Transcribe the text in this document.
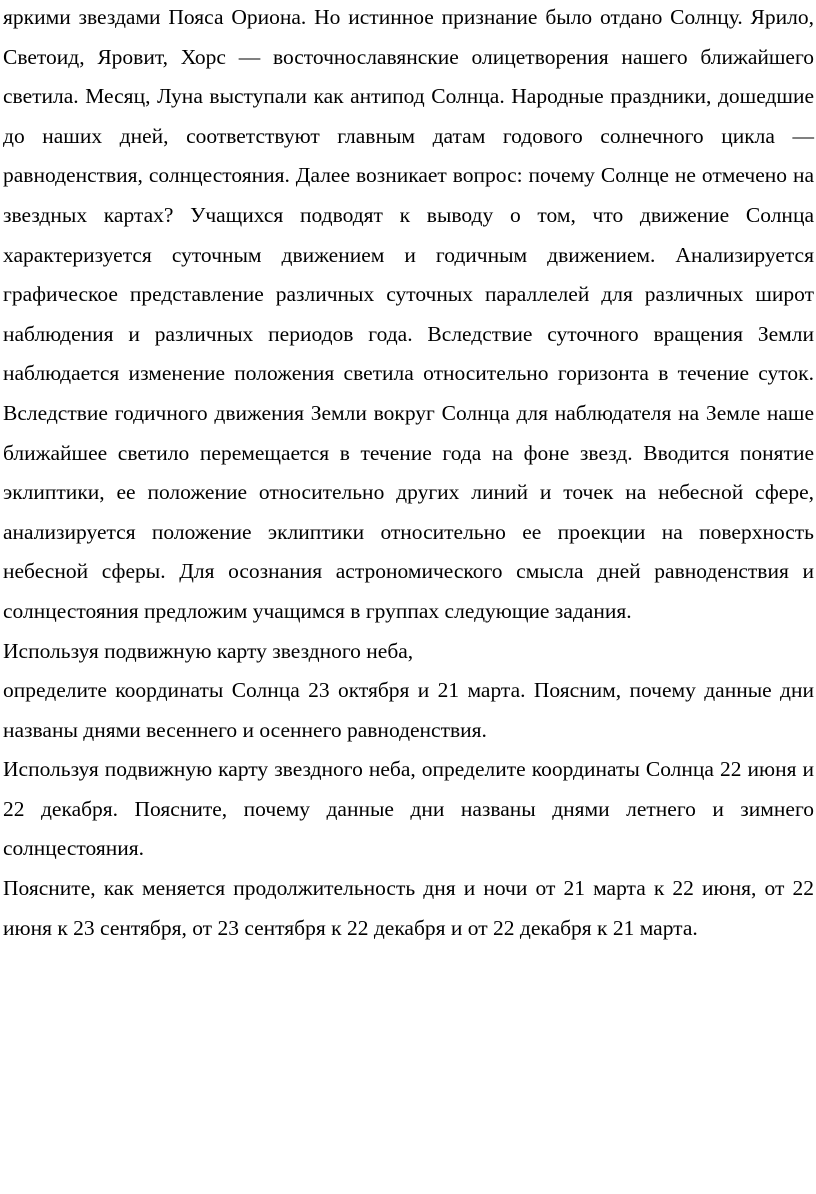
яркими звездами Пояса Ориона. Но истинное признание было отдано Солнцу. Ярило, Светоид, Яровит, Хорс — восточнославянские олицетворения нашего ближайшего светила. Месяц, Луна выступали как антипод Солнца. Народные праздники, дошедшие до наших дней, соответствуют главным датам годового солнечного цикла — равноденствия, солнцестояния. Далее возникает вопрос: почему Солнце не отмечено на звездных картах? Учащихся подводят к выводу о том, что движение Солнца характеризуется суточным движением и годичным движением. Анализируется графическое представление различных суточных параллелей для различных широт наблюдения и различных периодов года. Вследствие суточного вращения Земли наблюдается изменение положения светила относительно горизонта в течение суток. Вследствие годичного движения Земли вокруг Солнца для наблюдателя на Земле наше ближайшее светило перемещается в течение года на фоне звезд. Вводится понятие эклиптики, ее положение относительно других линий и точек на небесной сфере, анализируется положение эклиптики относительно ее проекции на поверхность небесной сферы. Для осознания астрономического смысла дней равноденствия и солнцестояния предложим учащимся в группах следующие задания.

Используя подвижную карту звездного неба,

определите координаты Солнца 23 октября и 21 марта. Поясним, почему данные дни названы днями весеннего и осеннего равноденствия.

Используя подвижную карту звездного неба, определите координаты Солнца 22 июня и 22 декабря. Поясните, почему данные дни названы днями летнего и зимнего солнцестояния.

Поясните, как меняется продолжительность дня и ночи от 21 марта к 22 июня, от 22 июня к 23 сентября, от 23 сентября к 22 декабря и от 22 декабря к 21 марта.
